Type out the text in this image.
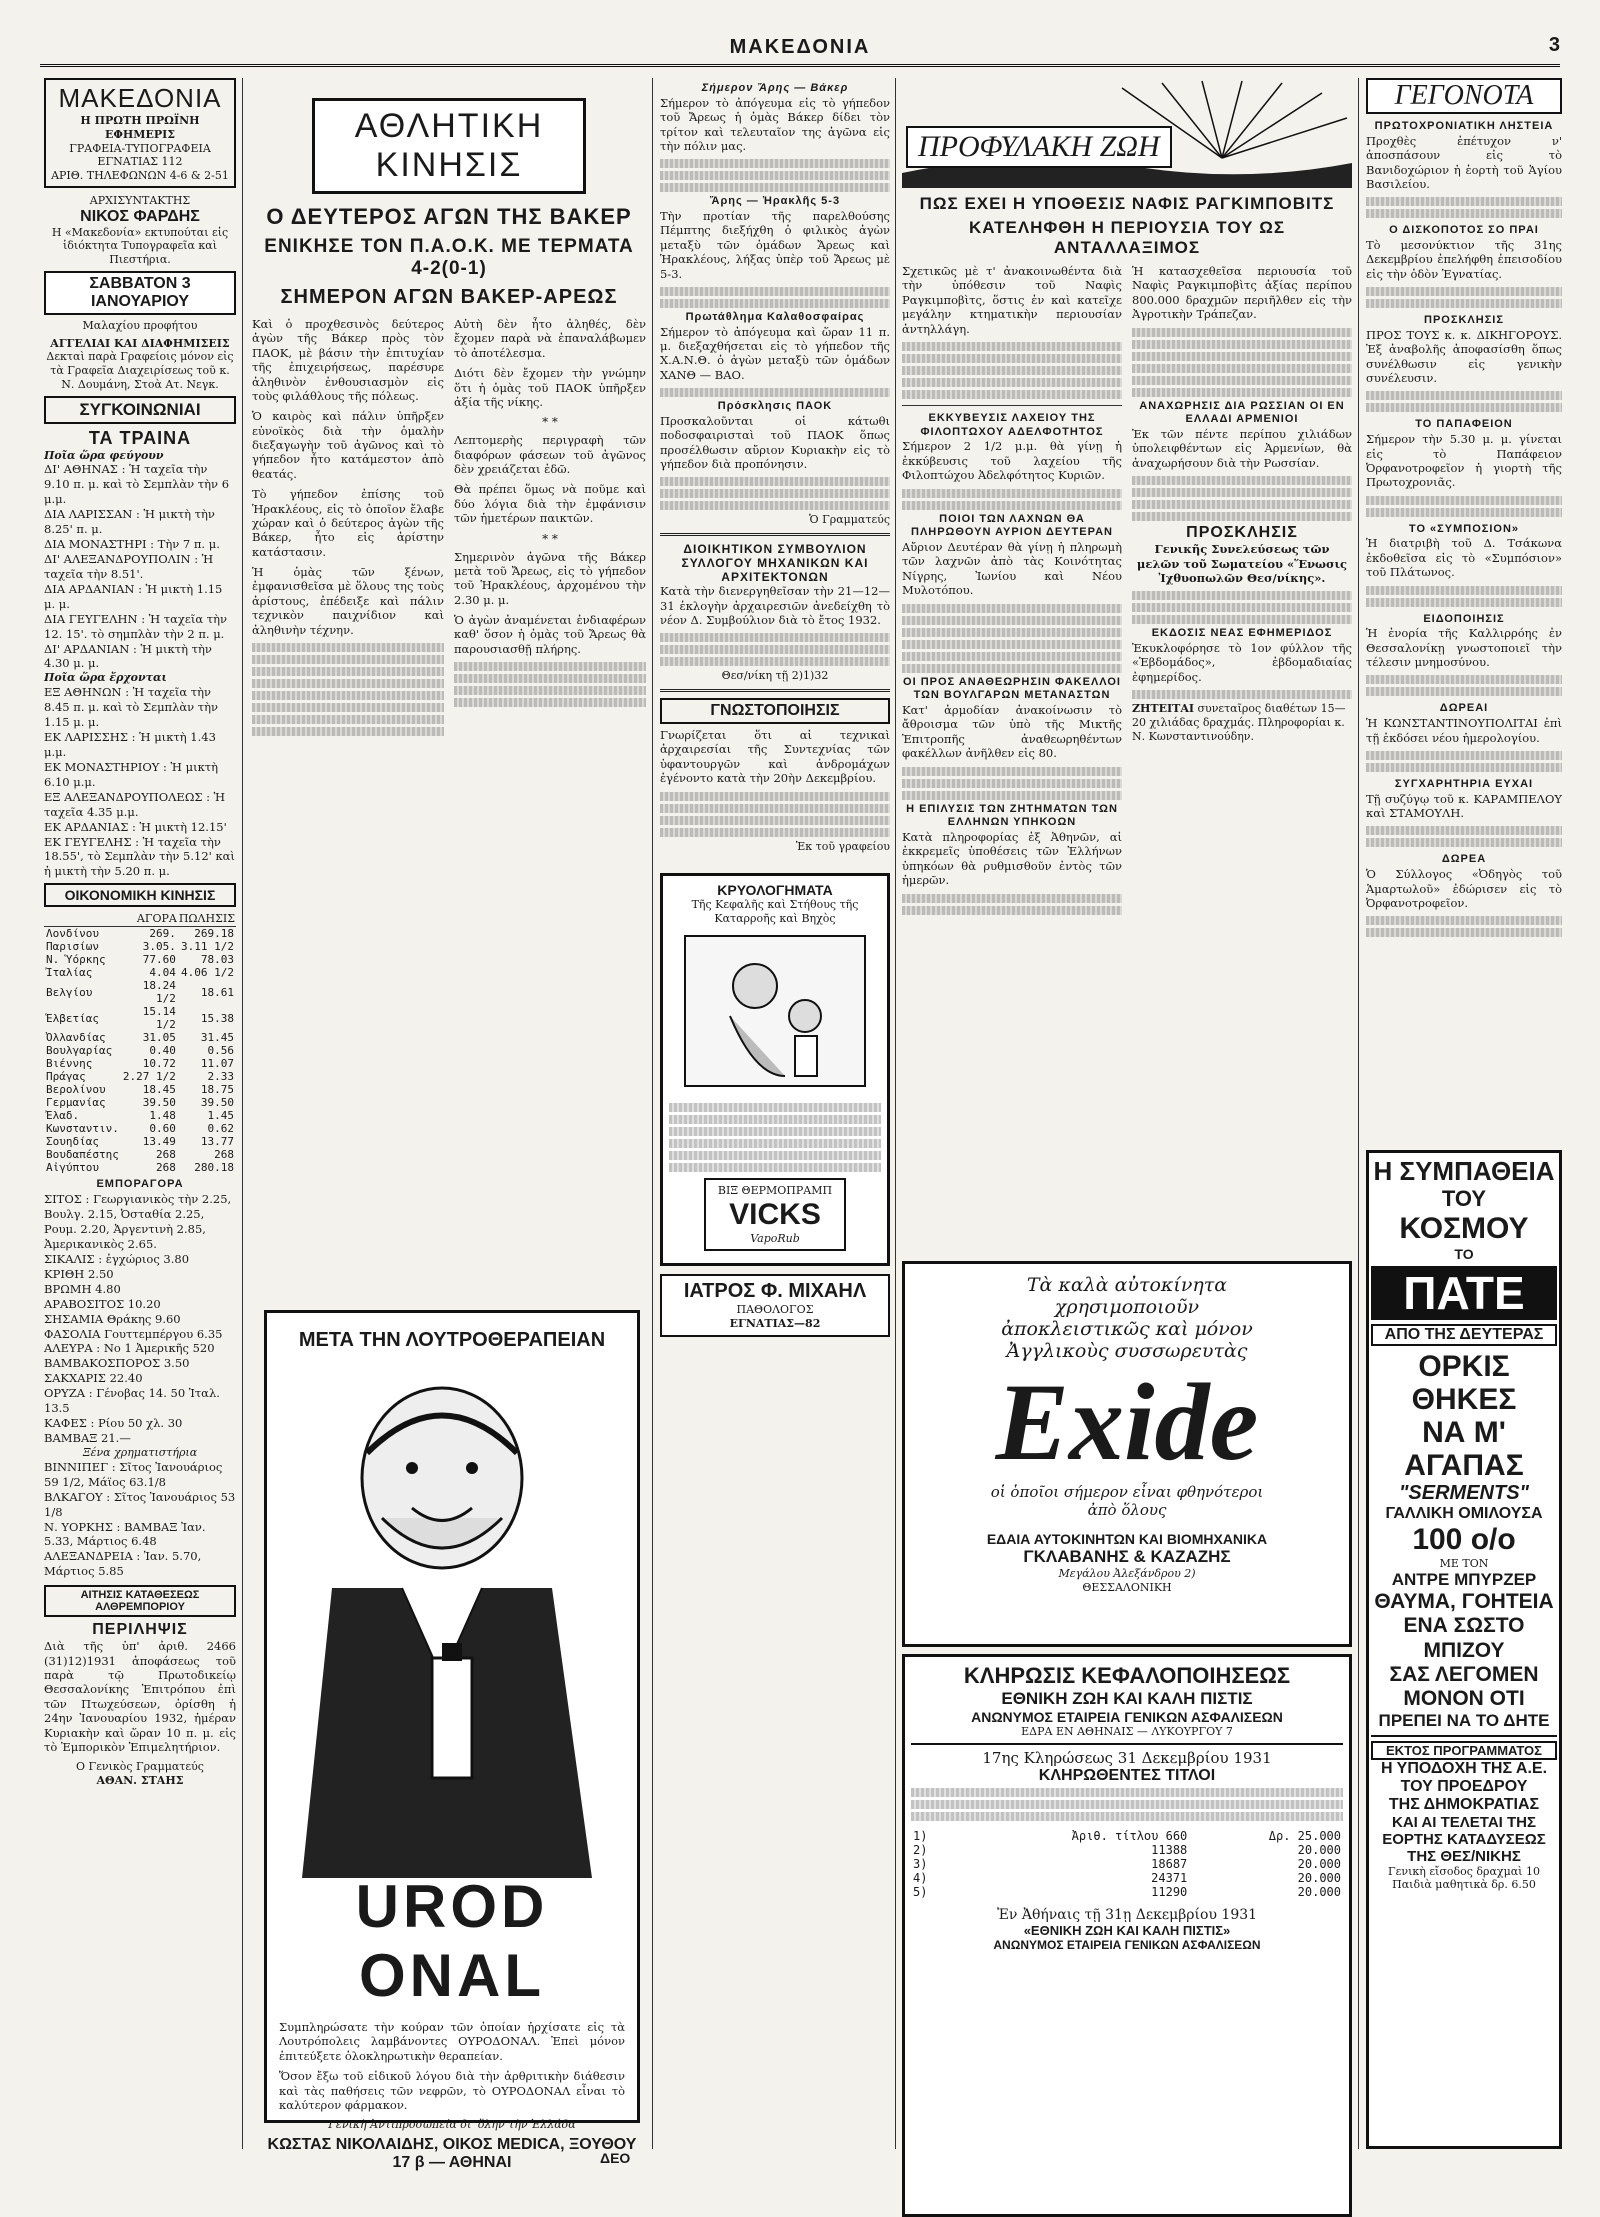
ΜΑΚΕΔΟΝΙΑ	3
ΜΑΚΕΔΟΝΙΑ
Η ΠΡΩΤΗ ΠΡΩΪΝΗ ΕΦΗΜΕΡΙΣ
ΓΡΑΦΕΙΑ-ΤΥΠΟΓΡΑΦΕΙΑ ΕΓΝΑΤΙΑΣ 112
ΑΡΙΘ. ΤΗΛΕΦΩΝΩΝ 4-6 & 2-51
ΑΡΧΙΣΥΝΤΑΚΤΗΣ
ΝΙΚΟΣ ΦΑΡΔΗΣ
Η «Μακεδονία» εκτυπούται εἰς ἰδιόκτητα Τυπογραφεῖα καὶ Πιεστήρια.
ΣΑΒΒΑΤΟΝ 3 ΙΑΝΟΥΑΡΙΟΥ
Μαλαχίου προφήτου
ΑΓΓΕΛΙΑΙ ΚΑΙ ΔΙΑΦΗΜΙΣΕΙΣ
Δεκταὶ παρὰ Γραφείοις μόνον εἰς τὰ Γραφεῖα Διαχειρίσεως τοῦ κ. Ν. Δουμάνη, Στοὰ Ατ. Νεγκ.
ΣΥΓΚΟΙΝΩΝΙΑΙ
ΤΑ ΤΡΑΙΝΑ
Ποῖα ὥρα φεύγουν
ΔΙ' ΑΘΗΝΑΣ : Ἡ ταχεῖα τὴν 9.10 π. μ. καὶ τὸ Σεμπλὰν τὴν 6 μ.μ.
ΔΙΑ ΛΑΡΙΣΣΑΝ : Ἡ μικτὴ τὴν 8.25' π. μ.
ΔΙΑ ΜΟΝΑΣΤΗΡΙ : Τὴν 7 π. μ.
ΔΙ' ΑΛΕΞΑΝΔΡΟΥΠΟΛΙΝ : Ἡ ταχεῖα τὴν 8.51'.
ΔΙΑ ΑΡΔΑΝΙΑΝ : Ἡ μικτὴ 1.15 μ. μ.
ΔΙΑ ΓΕΥΓΕΛΗΝ : Ἡ ταχεῖα τὴν 12. 15'. τὸ σημπλὰν τὴν 2 π. μ.
ΔΙ' ΑΡΔΑΝΙΑΝ : Ἡ μικτὴ τὴν 4.30 μ. μ.
Ποῖα ὥρα ἔρχονται
ΕΞ ΑΘΗΝΩΝ : Ἡ ταχεῖα τὴν 8.45 π. μ. καὶ τὸ Σεμπλὰν τὴν 1.15 μ. μ.
ΕΚ ΛΑΡΙΣΣΗΣ : Ἡ μικτὴ 1.43 μ.μ.
ΕΚ ΜΟΝΑΣΤΗΡΙΟΥ : Ἡ μικτὴ 6.10 μ.μ.
ΕΞ ΑΛΕΞΑΝΔΡΟΥΠΟΛΕΩΣ : Ἡ ταχεῖα 4.35 μ.μ.
ΕΚ ΑΡΔΑΝΙΑΣ : Ἡ μικτὴ 12.15'
ΕΚ ΓΕΥΓΕΛΗΣ : Ἡ ταχεῖα τὴν 18.55', τὸ Σεμπλὰν τὴν 5.12' καὶ ἡ μικτὴ τὴν 5.20 π. μ.
ΟΙΚΟΝΟΜΙΚΗ ΚΙΝΗΣΙΣ
	ΑΓΟΡΑ	ΠΩΛΗΣΙΣ
Λονδίνου	269.	269.18
Παρισίων	3.05.	3.11 1/2
Ν. Ὑόρκης	77.60	78.03
Ἰταλίας	4.04	4.06 1/2
Βελγίου	18.24 1/2	18.61
Ἑλβετίας	15.14 1/2	15.38
Ὀλλανδίας	31.05	31.45
Βουλγαρίας	0.40	0.56
Βιέννης	10.72	11.07
Πράγας	2.27 1/2	2.33
Βερολίνου	18.45	18.75
Γερμανίας	39.50	39.50
Ἐλαδ.	1.48	1.45
Κωνσταντιν.	0.60	0.62
Σουηδίας	13.49	13.77
Βουδαπέστης	268	268
Αἰγύπτου	268	280.18
ΕΜΠΟΡΑΓΟΡΑ
ΣΙΤΟΣ : Γεωργιανικὸς τὴν 2.25, Βουλγ. 2.15, Ὀσταθία 2.25, Ρουμ. 2.20, Ἀργεντινὴ 2.85, Ἀμερικανικὸς 2.65.
ΣΙΚΑΛΙΣ : ἐγχώριος 3.80
ΚΡΙΘΗ 2.50
ΒΡΩΜΗ 4.80
ΑΡΑΒΟΣΙΤΟΣ 10.20
ΣΗΣΑΜΙΑ Θράκης 9.60
ΦΑΣΟΛΙΑ Γουττεμπέργου 6.35
ΑΛΕΥΡΑ : Νο 1 Ἀμερικῆς 520
ΒΑΜΒΑΚΟΣΠΟΡΟΣ 3.50
ΣΑΚΧΑΡΙΣ 22.40
ΟΡΥΖΑ : Γένοβας 14. 50 Ἰταλ. 13.5
ΚΑΦΕΣ : Ρίου 50 χλ. 30
ΒΑΜΒΑΞ 21.—
Ξένα χρηματιστήρια
ΒΙΝΝΙΠΕΓ : Σῖτος Ἰανουάριος 59 1/2, Μάϊος 63.1/8
ΒΛΚΑΓΟΥ : Σῖτος Ἰανουάριος 53 1/8
Ν. ΥΟΡΚΗΣ : ΒΑΜΒΑΞ Ἰαν. 5.33, Μάρτιος 6.48
ΑΛΕΞΑΝΔΡΕΙΑ : Ἰαν. 5.70, Μάρτιος 5.85
ΑΙΤΗΣΙΣ ΚΑΤΑΘΕΣΕΩΣ ΑΛΘΡΕΜΠΟΡΙΟΥ
ΠΕΡΙΛΗΨΙΣ

Διὰ τῆς ὑπ' ἀριθ. 2466 (31)12)1931 ἀποφάσεως τοῦ παρὰ τῷ Πρωτοδικείῳ Θεσσαλονίκης Ἐπιτρόπου ἐπὶ τῶν Πτωχεύσεων, ὁρίσθη ἡ 24ην Ἰανουαρίου 1932, ἡμέραν Κυριακὴν καὶ ὥραν 10 π. μ. εἰς τὸ Ἐμπορικὸν Ἐπιμελητήριον.

Ο Γενικὸς Γραμματεύς
ΑΘΑΝ. ΣΤΑΗΣ
ΑΘΛΗΤΙΚΗ ΚΙΝΗΣΙΣ
Ο ΔΕΥΤΕΡΟΣ ΑΓΩΝ ΤΗΣ ΒΑΚΕΡ
ΕΝΙΚΗΣΕ ΤΟΝ Π.Α.Ο.Κ. ΜΕ ΤΕΡΜΑΤΑ 4-2(0-1)
ΣΗΜΕΡΟΝ ΑΓΩΝ ΒΑΚΕΡ-ΑΡΕΩΣ

Καὶ ὁ προχθεσινὸς δεύτερος ἀγὼν τῆς Βάκερ πρὸς τὸν ΠΑΟΚ, μὲ βάσιν τὴν ἐπιτυχίαν τῆς ἐπιχειρήσεως, παρέσυρε ἀληθινὸν ἐνθουσιασμὸν εἰς τοὺς φιλάθλους τῆς πόλεως.

Ὁ καιρὸς καὶ πάλιν ὑπῆρξεν εὐνοϊκὸς διὰ τὴν ὁμαλὴν διεξαγωγὴν τοῦ ἀγῶνος καὶ τὸ γήπεδον ἦτο κατάμεστον ἀπὸ θεατάς.

Τὸ γήπεδον ἐπίσης τοῦ Ἡρακλέους, εἰς τὸ ὁποῖον ἔλαβε χώραν καὶ ὁ δεύτερος ἀγὼν τῆς Βάκερ, ἦτο εἰς ἀρίστην κατάστασιν.

Ἡ ὁμὰς τῶν ξένων, ἐμφανισθεῖσα μὲ ὅλους της τοὺς ἀρίστους, ἐπέδειξε καὶ πάλιν τεχνικὸν παιχνίδιον καὶ ἀληθινὴν τέχνην.

Αὐτὴ δὲν ἦτο ἀληθές, δὲν ἔχομεν παρὰ νὰ ἐπαναλάβωμεν τὸ ἀποτέλεσμα.

Διότι δὲν ἔχομεν τὴν γνώμην ὅτι ἡ ὁμὰς τοῦ ΠΑΟΚ ὑπῆρξεν ἀξία τῆς νίκης.

* *

Λεπτομερὴς περιγραφὴ τῶν διαφόρων φάσεων τοῦ ἀγῶνος δὲν χρειάζεται ἐδῶ.

Θὰ πρέπει ὅμως νὰ ποῦμε καὶ δύο λόγια διὰ τὴν ἐμφάνισιν τῶν ἡμετέρων παικτῶν.

* *

Σημερινὸν ἀγῶνα τῆς Βάκερ μετὰ τοῦ Ἄρεως, εἰς τὸ γήπεδον τοῦ Ἡρακλέους, ἀρχομένου τὴν 2.30 μ. μ.

Ὁ ἀγὼν ἀναμένεται ἐνδιαφέρων καθ' ὅσον ἡ ὁμὰς τοῦ Ἄρεως θὰ παρουσιασθῇ πλήρης.

ΜΕΤΑ ΤΗΝ ΛΟΥΤΡΟΘΕΡΑΠΕΙΑΝ
UROD ONAL

Συμπληρώσατε τὴν κούραν τῶν ὁποίαν ἠρχίσατε εἰς τὰ Λουτρόπολεις λαμβάνοντες ΟΥΡΟΔΟΝΑΛ. Ἐπεὶ μόνον ἐπιτεύξετε ὁλοκληρωτικὴν θεραπείαν.

Ὅσον ἔξω τοῦ εἰδικοῦ λόγου διὰ τὴν ἀρθριτικὴν διάθεσιν καὶ τὰς παθήσεις τῶν νεφρῶν, τὸ ΟΥΡΟΔΟΝΑΛ εἶναι τὸ καλύτερον φάρμακον.

Γενικὴ Ἀντιπροσωπεία δι' ὅλην τὴν Ἑλλάδα
ΚΩΣΤΑΣ ΝΙΚΟΛΑΙΔΗΣ, ΟΙΚΟΣ MEDICA, ΞΟΥΘΟΥ 17 β — ΑΘΗΝΑΙ
Σήμερον Ἄρης — Βάκερ

Σήμερον τὸ ἀπόγευμα εἰς τὸ γήπεδον τοῦ Ἄρεως ἡ ὁμὰς Βάκερ δίδει τὸν τρίτον καὶ τελευταῖον της ἀγῶνα εἰς τὴν πόλιν μας.

Ἄρης — Ἡρακλῆς 5-3

Τὴν προτίαν τῆς παρελθούσης Πέμπτης διεξήχθη ὁ φιλικὸς ἀγὼν μεταξὺ τῶν ὁμάδων Ἄρεως καὶ Ἡρακλέους, λήξας ὑπὲρ τοῦ Ἄρεως μὲ 5-3.

Πρωτάθλημα Καλαθοσφαίρας

Σήμερον τὸ ἀπόγευμα καὶ ὥραν 11 π. μ. διεξαχθήσεται εἰς τὸ γήπεδον τῆς Χ.Α.Ν.Θ. ὁ ἀγὼν μεταξὺ τῶν ὁμάδων ΧΑΝΘ — ΒΑΟ.

Πρόσκλησις ΠΑΟΚ

Προσκαλοῦνται οἱ κάτωθι ποδοσφαιρισταὶ τοῦ ΠΑΟΚ ὅπως προσέλθωσιν αὔριον Κυριακὴν εἰς τὸ γήπεδον διὰ προπόνησιν.

Ὁ Γραμματεύς
ΔΙΟΙΚΗΤΙΚΟΝ ΣΥΜΒΟΥΛΙΟΝ ΣΥΛΛΟΓΟΥ ΜΗΧΑΝΙΚΩΝ ΚΑΙ ΑΡΧΙΤΕΚΤΟΝΩΝ

Κατὰ τὴν διενεργηθεῖσαν τὴν 21—12—31 ἐκλογὴν ἀρχαιρεσιῶν ἀνεδείχθη τὸ νέον Δ. Συμβούλιον διὰ τὸ ἔτος 1932.

Θεσ/νίκη τῇ 2)1)32
ΓΝΩΣΤΟΠΟΙΗΣΙΣ

Γνωρίζεται ὅτι αἱ τεχνικαὶ ἀρχαιρεσίαι τῆς Συντεχνίας τῶν ὑφαντουργῶν καὶ ἀνδρομάχων ἐγένοντο κατὰ τὴν 20ὴν Δεκεμβρίου.

Ἐκ τοῦ γραφείου
ΚΡΥΟΛΟΓΗΜΑΤΑ
Τῆς Κεφαλῆς καὶ Στήθους τῆς Καταρροῆς καὶ Βηχὸς
ΒΙΞ ΘΕΡΜΟΠΡΑΜΠ
VICKS
VapoRub
ΙΑΤΡΟΣ Φ. ΜΙΧΑΗΛ
ΠΑΘΟΛΟΓΟΣ
ΕΓΝΑΤΙΑΣ—82
ΠΡΟΦΥΛΑΚΗ ΖΩΗ
ΠΩΣ ΕΧΕΙ Η ΥΠΟΘΕΣΙΣ ΝΑΦΙΣ ΡΑΓΚΙΜΠΟΒΙΤΣ
ΚΑΤΕΛΗΦΘΗ Η ΠΕΡΙΟΥΣΙΑ ΤΟΥ ΩΣ ΑΝΤΑΛΛΑΞΙΜΟΣ

Σχετικῶς μὲ τ' ἀνακοινωθέντα διὰ τὴν ὑπόθεσιν τοῦ Ναφὶς Ραγκιμποβὶτς, ὅστις ἐν καὶ κατεῖχε μεγάλην κτηματικὴν περιουσίαν ἀντηλλάγη.

ΕΚΚΥΒΕΥΣΙΣ ΛΑΧΕΙΟΥ ΤΗΣ ΦΙΛΟΠΤΩΧΟΥ ΑΔΕΛΦΟΤΗΤΟΣ

Σήμερον 2 1/2 μ.μ. θὰ γίνῃ ἡ ἐκκύβευσις τοῦ λαχείου τῆς Φιλοπτώχου Ἀδελφότητος Κυριῶν.

ΠΟΙΟΙ ΤΩΝ ΛΑΧΝΩΝ ΘΑ ΠΛΗΡΩΘΟΥΝ ΑΥΡΙΟΝ ΔΕΥΤΕΡΑΝ

Αὔριον Δευτέραν θὰ γίνῃ ἡ πληρωμὴ τῶν λαχνῶν ἀπὸ τὰς Κοινότητας Νίγρης, Ἰωνίου καὶ Νέου Μυλοτόπου.

ΟΙ ΠΡΟΣ ΑΝΑΘΕΩΡΗΣΙΝ ΦΑΚΕΛΛΟΙ ΤΩΝ ΒΟΥΛΓΑΡΩΝ ΜΕΤΑΝΑΣΤΩΝ

Κατ' ἀρμοδίαν ἀνακοίνωσιν τὸ ἄθροισμα τῶν ὑπὸ τῆς Μικτῆς Ἐπιτροπῆς ἀναθεωρηθέντων φακέλλων ἀνῆλθεν εἰς 80.

Η ΕΠΙΛΥΣΙΣ ΤΩΝ ΖΗΤΗΜΑΤΩΝ ΤΩΝ ΕΛΛΗΝΩΝ ΥΠΗΚΟΩΝ

Κατὰ πληροφορίας ἐξ Ἀθηνῶν, αἱ ἐκκρεμεῖς ὑποθέσεις τῶν Ἑλλήνων ὑπηκόων θὰ ρυθμισθοῦν ἐντὸς τῶν ἡμερῶν.

Ἡ κατασχεθεῖσα περιουσία τοῦ Ναφὶς Ραγκιμποβὶτς ἀξίας περίπου 800.000 δραχμῶν περιῆλθεν εἰς τὴν Ἀγροτικὴν Τράπεζαν.

ΑΝΑΧΩΡΗΣΙΣ ΔΙΑ ΡΩΣΣΙΑΝ ΟΙ ΕΝ ΕΛΛΑΔΙ ΑΡΜΕΝΙΟΙ

Ἐκ τῶν πέντε περίπου χιλιάδων ὑπολειφθέντων εἰς Ἀρμενίων, θὰ ἀναχωρήσουν διὰ τὴν Ρωσσίαν.

ΠΡΟΣΚΛΗΣΙΣ

Γενικῆς Συνελεύσεως τῶν μελῶν τοῦ Σωματείου «Ἕνωσις Ἰχθυοπωλῶν Θεσ/νίκης».

ΕΚΔΟΣΙΣ ΝΕΑΣ ΕΦΗΜΕΡΙΔΟΣ

Ἐκυκλοφόρησε τὸ 1ον φύλλον τῆς «Ἑβδομάδος», ἐβδομαδιαίας ἐφημερίδος.

ΖΗΤΕΙΤΑΙ συνεταῖρος διαθέτων 15—20 χιλιάδας δραχμάς. Πληροφορίαι κ. Ν. Κωνσταντινούδην.
Τὰ καλὰ αὐτοκίνητα
χρησιμοποιοῦν
ἀποκλειστικῶς καὶ μόνον
Ἀγγλικοὺς συσσωρευτὰς
Exide
οἱ ὁποῖοι σήμερον εἶναι φθηνότεροι
ἀπὸ ὅλους
ΕΔΑΙΑ ΑΥΤΟΚΙΝΗΤΩΝ ΚΑΙ ΒΙΟΜΗΧΑΝΙΚΑ
ΓΚΛΑΒΑΝΗΣ & ΚΑΖΑΖΗΣ
Μεγάλου Ἀλεξάνδρου 2)
ΘΕΣΣΑΛΟΝΙΚΗ
ΚΛΗΡΩΣΙΣ ΚΕΦΑΛΟΠΟΙΗΣΕΩΣ
ΕΘΝΙΚΗ ΖΩΗ ΚΑΙ ΚΑΛΗ ΠΙΣΤΙΣ
ΑΝΩΝΥΜΟΣ ΕΤΑΙΡΕΙΑ ΓΕΝΙΚΩΝ ΑΣΦΑΛΙΣΕΩΝ
ΕΔΡΑ ΕΝ ΑΘΗΝΑΙΣ — ΛΥΚΟΥΡΓΟΥ 7
17ης Κληρώσεως 31 Δεκεμβρίου 1931
ΚΛΗΡΩΘΕΝΤΕΣ ΤΙΤΛΟΙ
1)	Ἀριθ. τίτλου 660	Δρ. 25.000
2)	11388	20.000
3)	18687	20.000
4)	24371	20.000
5)	11290	20.000
Ἐν Ἀθήναις τῇ 31ῃ Δεκεμβρίου 1931
«ΕΘΝΙΚΗ ΖΩΗ ΚΑΙ ΚΑΛΗ ΠΙΣΤΙΣ»
ΑΝΩΝΥΜΟΣ ΕΤΑΙΡΕΙΑ ΓΕΝΙΚΩΝ ΑΣΦΑΛΙΣΕΩΝ
ΓΕΓΟΝΟΤΑ
ΠΡΩΤΟΧΡΟΝΙΑΤΙΚΗ ΛΗΣΤΕΙΑ

Προχθὲς ἐπέτυχον ν' ἀποσπάσουν εἰς τὸ Βανιδοχώριον ἡ ἑορτὴ τοῦ Ἁγίου Βασιλείου.

Ο ΔΙΣΚΟΠΟΤΟΣ ΣΟ ΠΡΑΙ

Τὸ μεσονύκτιον τῆς 31ης Δεκεμβρίου ἐπελήφθη ἐπεισοδίου εἰς τὴν ὁδὸν Ἐγνατίας.

ΠΡΟΣΚΛΗΣΙΣ

ΠΡΟΣ ΤΟΥΣ κ. κ. ΔΙΚΗΓΟΡΟΥΣ. Ἐξ ἀναβολῆς ἀποφασίσθη ὅπως συνέλθωσιν εἰς γενικὴν συνέλευσιν.

ΤΟ ΠΑΠΑΦΕΙΟΝ

Σήμερον τὴν 5.30 μ. μ. γίνεται εἰς τὸ Παπάφειον Ὀρφανοτροφεῖον ἡ γιορτὴ τῆς Πρωτοχρονιᾶς.

ΤΟ «ΣΥΜΠΟΣΙΟΝ»

Ἡ διατριβὴ τοῦ Δ. Τσάκωνα ἐκδοθεῖσα εἰς τὸ «Συμπόσιον» τοῦ Πλάτωνος.

ΕΙΔΟΠΟΙΗΣΙΣ

Ἡ ἐνορία τῆς Καλλιρρόης ἐν Θεσσαλονίκῃ γνωστοποιεῖ τὴν τέλεσιν μνημοσύνου.

ΔΩΡΕΑΙ

Ἡ ΚΩΝΣΤΑΝΤΙΝΟΥΠΟΛΙΤΑΙ ἐπὶ τῇ ἐκδόσει νέου ἡμερολογίου.

ΣΥΓΧΑΡΗΤΗΡΙΑ ΕΥΧΑΙ

Τῇ συζύγῳ τοῦ κ. ΚΑΡΑΜΠΕΛΟΥ καὶ ΣΤΑΜΟΥΛΗ.

ΔΩΡΕΑ

Ὁ Σύλλογος «Ὀδηγὸς τοῦ Ἁμαρτωλοῦ» ἐδώρισεν εἰς τὸ Ὀρφανοτροφεῖον.

Η ΣΥΜΠΑΘΕΙΑ
ΤΟΥ
ΚΟΣΜΟΥ
ΤΟ
ΠΑΤΕ
ΑΠΟ ΤΗΣ ΔΕΥΤΕΡΑΣ
ΟΡΚΙΣ ΘΗΚΕΣ
ΝΑ Μ' ΑΓΑΠΑΣ
"SERMENTS"
ΓΑΛΛΙΚΗ ΟΜΙΛΟΥΣΑ
100 ο/ο
ΜΕ ΤΟΝ
ΑΝΤΡΕ ΜΠΥΡΖΕΡ
ΘΑΥΜΑ, ΓΟΗΤΕΙΑ
ΕΝΑ ΣΩΣΤΟ ΜΠΙΖΟΥ
ΣΑΣ ΛΕΓΟΜΕΝ
ΜΟΝΟΝ ΟΤΙ
ΠΡΕΠΕΙ ΝΑ ΤΟ ΔΗΤΕ
ΕΚΤΟΣ ΠΡΟΓΡΑΜΜΑΤΟΣ
Η ΥΠΟΔΟΧΗ ΤΗΣ Α.Ε.
ΤΟΥ ΠΡΟΕΔΡΟΥ
ΤΗΣ ΔΗΜΟΚΡΑΤΙΑΣ
ΚΑΙ ΑΙ ΤΕΛΕΤΑΙ ΤΗΣ
ΕΟΡΤΗΣ ΚΑΤΑΔΥΣΕΩΣ
ΤΗΣ ΘΕΣ/ΝΙΚΗΣ
Γενικὴ εἴσοδος δραχμαὶ 10
Παιδιὰ μαθητικὰ δρ. 6.50
ΔΕΟ
